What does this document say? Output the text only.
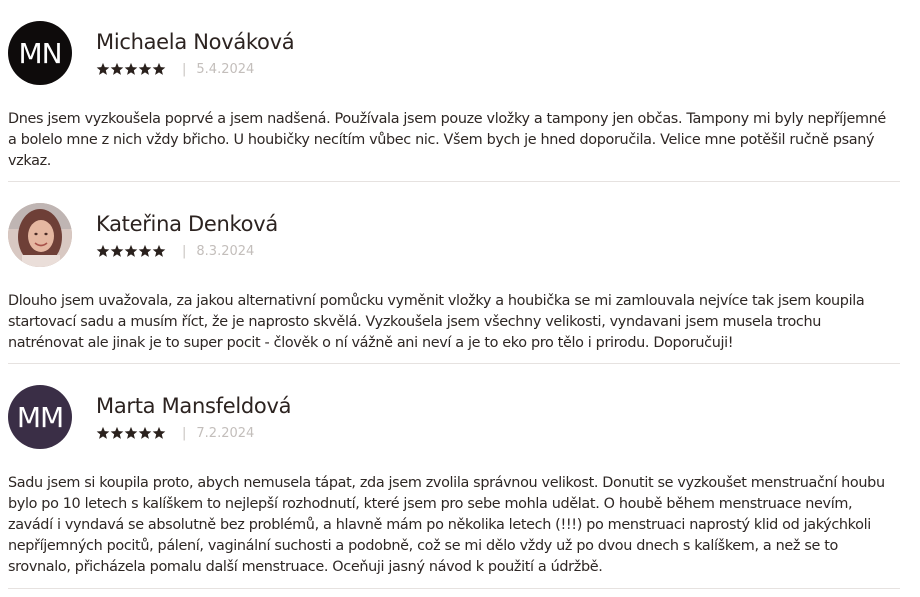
MN Michaela Nováková
| 5.4.2024

Dnes jsem vyzkoušela poprvé a jsem nadšená. Používala jsem pouze vložky a tampony jen občas. Tampony mi byly nepříjemné a bolelo mne z nich vždy břicho. U houbičky necítím vůbec nic. Všem bych je hned doporučila. Velice mne potěšil ručně psaný vzkaz.

Kateřina Denková
| 8.3.2024

Dlouho jsem uvažovala, za jakou alternativní pomůcku vyměnit vložky a houbička se mi zamlouvala nejvíce tak jsem koupila startovací sadu a musím říct, že je naprosto skvělá. Vyzkoušela jsem všechny velikosti, vyndavani jsem musela trochu natrénovat ale jinak je to super pocit - člověk o ní vážně ani neví a je to eko pro tělo i prirodu. Doporučuji!

MM Marta Mansfeldová
| 7.2.2024

Sadu jsem si koupila proto, abych nemusela tápat, zda jsem zvolila správnou velikost. Donutit se vyzkoušet menstruační houbu bylo po 10 letech s kalíškem to nejlepší rozhodnutí, které jsem pro sebe mohla udělat. O houbě během menstruace nevím, zavádí i vyndavá se absolutně bez problémů, a hlavně mám po několika letech (!!!) po menstruaci naprostý klid od jakýchkoli nepříjemných pocitů, pálení, vaginální suchosti a podobně, což se mi dělo vždy už po dvou dnech s kalíškem, a než se to srovnalo, přicházela pomalu další menstruace. Oceňuji jasný návod k použití a údržbě.
